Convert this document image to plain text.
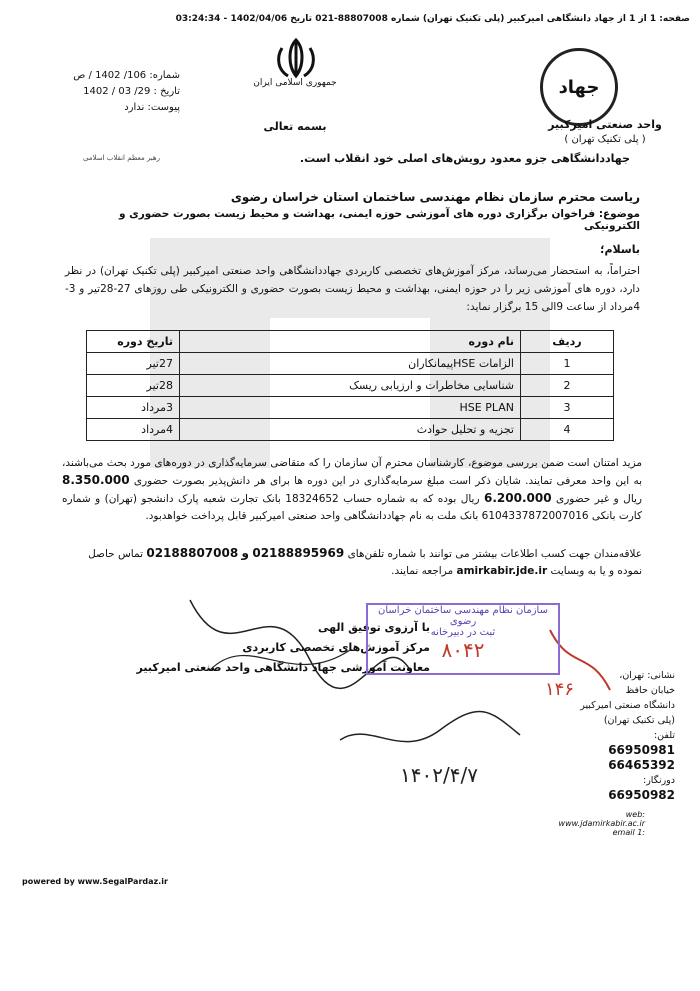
صفحه: 1 از 1 از جهاد دانشگاهی امیرکبیر (پلی تکنیک تهران) شماره 88807008-021 تاریخ 1402/04/06 - 03:24:34
جهاد
واحد صنعتی امیرکبیر
( پلی تکنیک تهران )
جمهوری اسلامی ایران
شماره: 106/ 1402 / ص
تاریخ : 29/ 03 / 1402
پیوست: ندارد
بسمه تعالی
جهاددانشگاهی جزو معدود رویش‌های اصلی خود انقلاب است.
رهبر معظم انقلاب اسلامی
ریاست محترم سازمان نظام مهندسی ساختمان استان خراسان رضوی
موضوع: فراخوان برگزاری دوره های آموزشی حوزه ایمنی، بهداشت و محیط زیست بصورت حضوری و الکترونیکی
باسلام؛
احتراماً، به استحضار می‌رساند، مرکز آموزش‌های تخصصی کاربردی جهاددانشگاهی واحد صنعتی امیرکبیر (پلی تکنیک تهران) در نظر دارد، دوره های آموزشی زیر را در حوزه ایمنی، بهداشت و محیط زیست بصورت حضوری و الکترونیکی طی روزهای 27-28تیر و 3-4مرداد از ساعت 9الی 15 برگزار نماید:
ردیف	نام دوره	تاریخ دوره
1	الزامات HSEپیمانکاران	27تیر
2	شناسایی مخاطرات و ارزیابی ریسک	28تیر
3	HSE PLAN	3مرداد
4	تجزیه و تحلیل حوادث	4مرداد
مزید امتنان است ضمن بررسی موضوع، کارشناسان محترم آن سازمان را که متقاضی سرمایه‌گذاری در دوره‌های مورد بحث می‌باشند، به این واحد معرفی تمایند. شایان ذکر است مبلغ سرمایه‌گذاری در این دوره ها برای هر دانش‌پذیر بصورت حضوری 8.350.000 ریال و غیر حضوری 6.200.000 ریال بوده که به شماره حساب 18324652 بانک تجارت شعبه پارک دانشجو (تهران) و شماره کارت بانکی 6104337872007016 بانک ملت به نام جهاددانشگاهی واحد صنعتی امیرکبیر قابل پرداخت خواهدبود.
علاقه‌مندان جهت کسب اطلاعات بیشتر می توانند با شماره تلفن‌های 02188895969 و 02188807008 تماس حاصل نموده و یا به وبسایت amirkabir.jde.ir مراجعه نمایند.
۱۴۰۲/۴/۷
۱۴۶
با آرزوی توفیق الهی
مرکز آموزش‌های تخصصی کاربردی
معاونت آموزشی جهاد دانشگاهی واحد صنعتی امیرکبیر
سازمان نظام مهندسی ساختمان خراسان رضوی
ثبت در دبیرخانه
۸۰۴۲
نشانی: تهران،
خیابان حافظ
دانشگاه صنعتی امیرکبیر
(پلی تکنیک تهران)
تلفن:
66950981
66465392
دورنگار:
66950982
web:
www.jdamirkabir.ac.ir
email 1:
powered by www.SegalPardaz.ir
